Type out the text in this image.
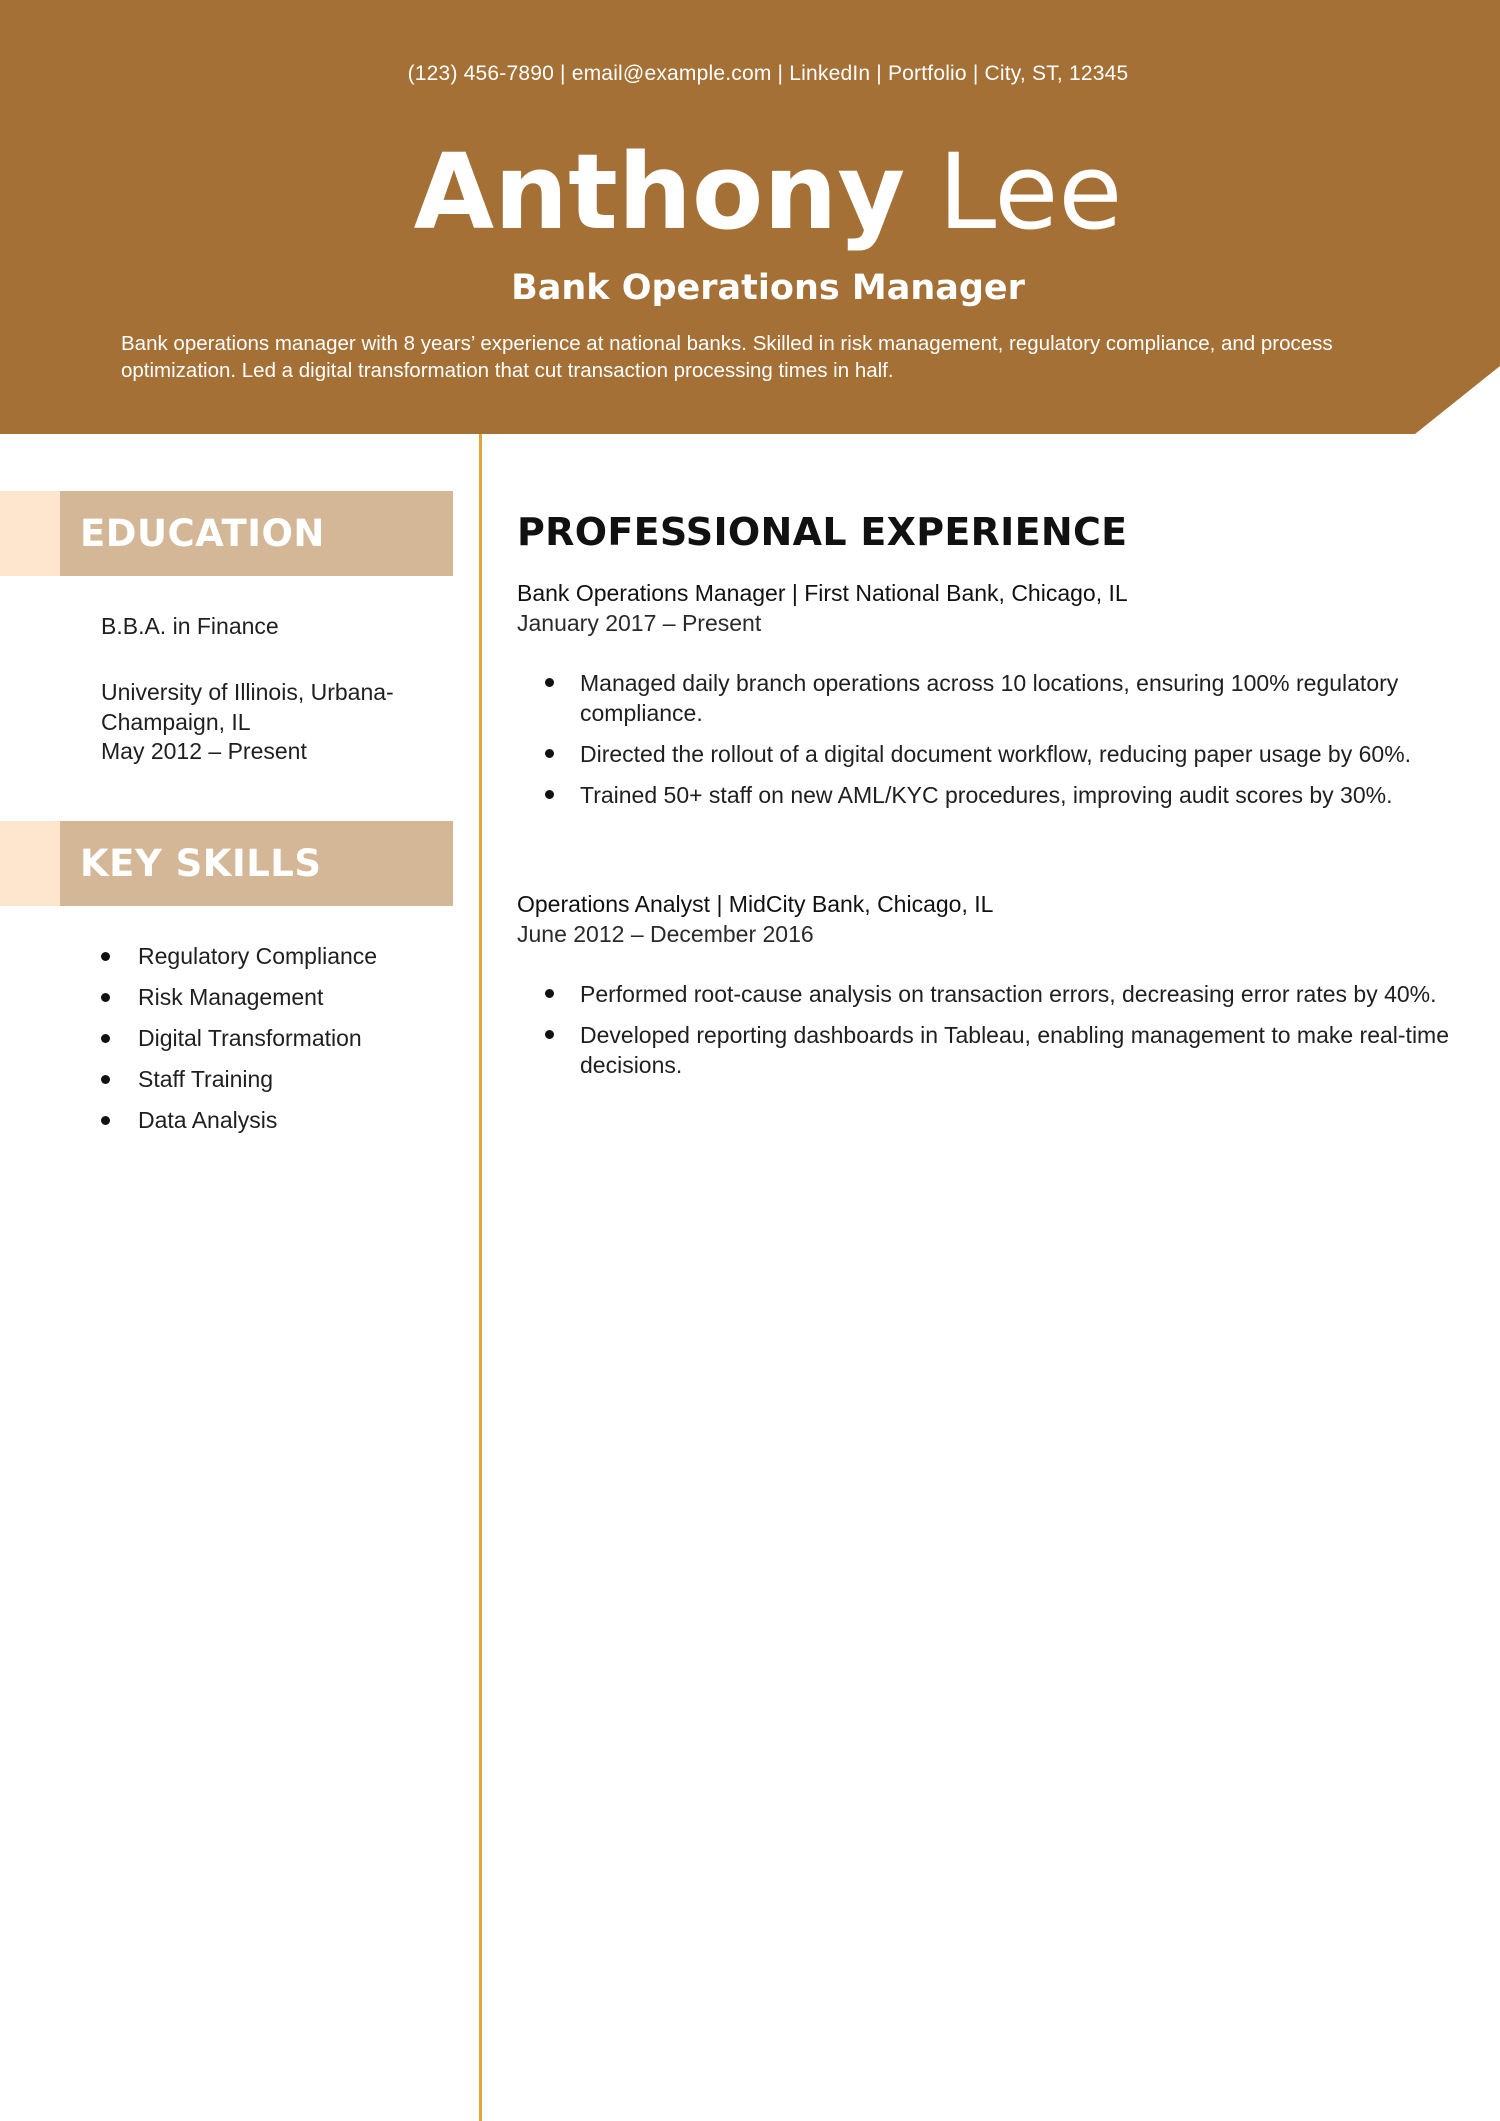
(123) 456-7890 | email@example.com | LinkedIn | Portfolio | City, ST, 12345
Anthony Lee
Bank Operations Manager
Bank operations manager with 8 years’ experience at national banks. Skilled in risk management, regulatory compliance, and process optimization. Led a digital transformation that cut transaction processing times in half.
EDUCATION
B.B.A. in Finance
University of Illinois, Urbana-Champaign, IL
May 2012 – Present
KEY SKILLS
Regulatory Compliance
Risk Management
Digital Transformation
Staff Training
Data Analysis
PROFESSIONAL EXPERIENCE
Bank Operations Manager | First National Bank, Chicago, IL
January 2017 – Present
Managed daily branch operations across 10 locations, ensuring 100% regulatory compliance.
Directed the rollout of a digital document workflow, reducing paper usage by 60%.
Trained 50+ staff on new AML/KYC procedures, improving audit scores by 30%.
Operations Analyst | MidCity Bank, Chicago, IL
June 2012 – December 2016
Performed root-cause analysis on transaction errors, decreasing error rates by 40%.
Developed reporting dashboards in Tableau, enabling management to make real-time decisions.
